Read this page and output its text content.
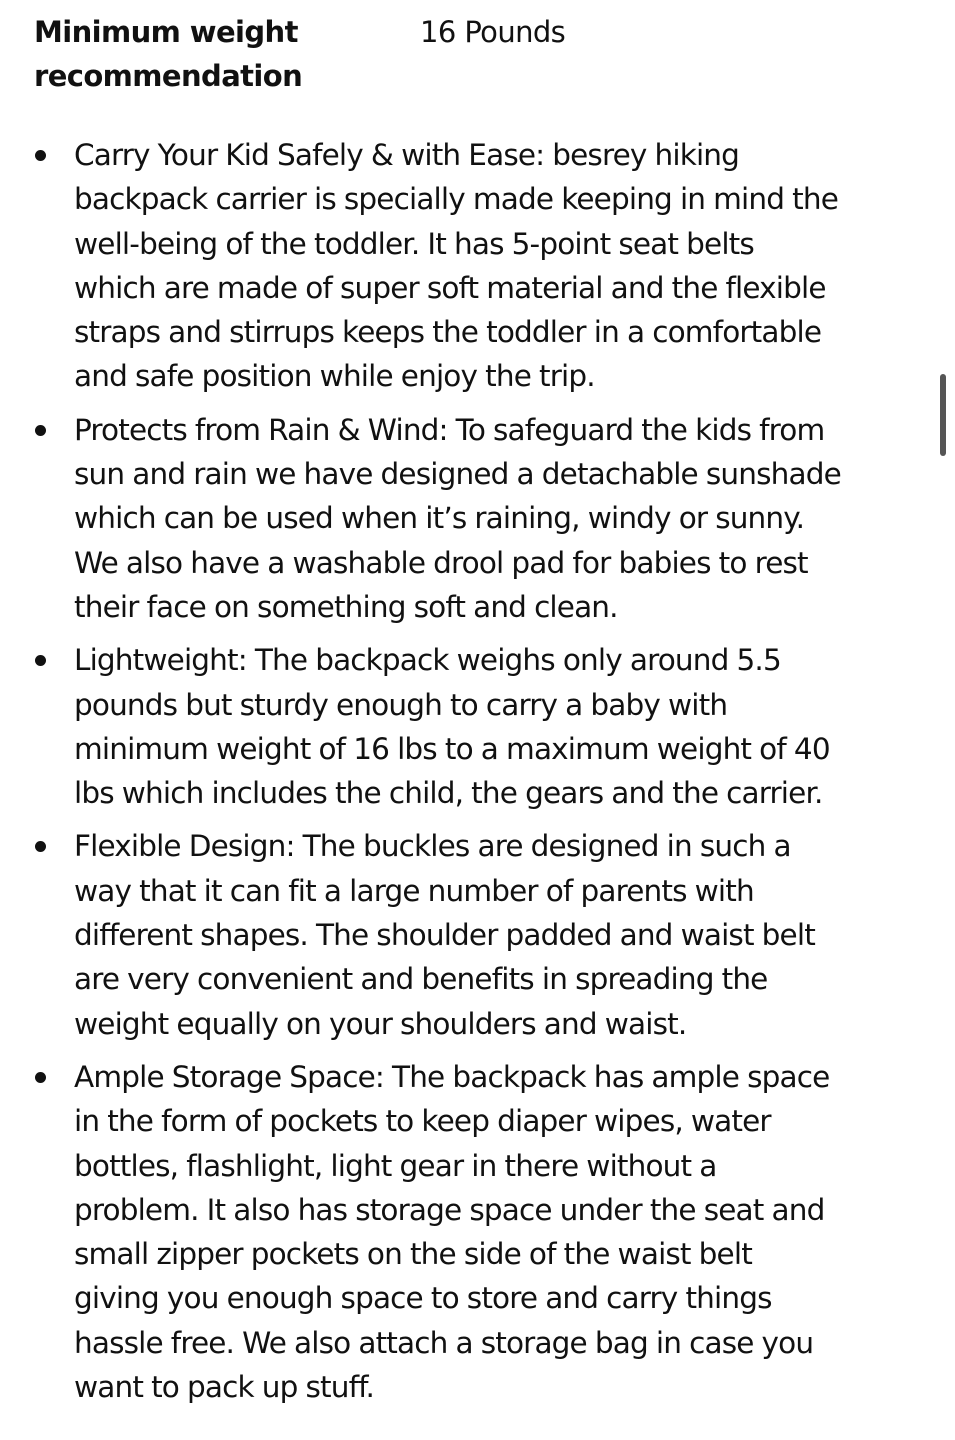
Minimum weight
recommendation
16 Pounds
Carry Your Kid Safely & with Ease: besrey hiking
backpack carrier is specially made keeping in mind the
well-being of the toddler. It has 5-point seat belts
which are made of super soft material and the flexible
straps and stirrups keeps the toddler in a comfortable
and safe position while enjoy the trip.
Protects from Rain & Wind: To safeguard the kids from
sun and rain we have designed a detachable sunshade
which can be used when it’s raining, windy or sunny.
We also have a washable drool pad for babies to rest
their face on something soft and clean.
Lightweight: The backpack weighs only around 5.5
pounds but sturdy enough to carry a baby with
minimum weight of 16 lbs to a maximum weight of 40
lbs which includes the child, the gears and the carrier.
Flexible Design: The buckles are designed in such a
way that it can fit a large number of parents with
different shapes. The shoulder padded and waist belt
are very convenient and benefits in spreading the
weight equally on your shoulders and waist.
Ample Storage Space: The backpack has ample space
in the form of pockets to keep diaper wipes, water
bottles, flashlight, light gear in there without a
problem. It also has storage space under the seat and
small zipper pockets on the side of the waist belt
giving you enough space to store and carry things
hassle free. We also attach a storage bag in case you
want to pack up stuff.
